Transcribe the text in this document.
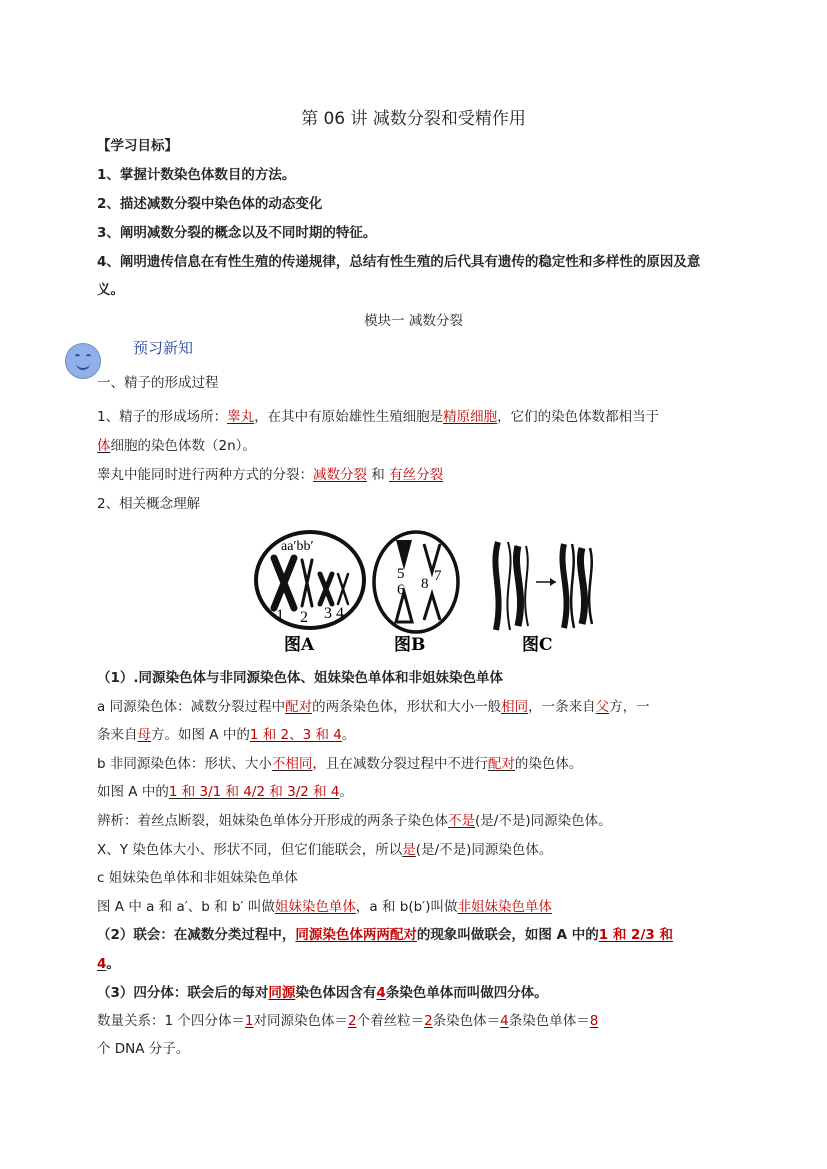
第 06 讲 减数分裂和受精作用
【学习目标】
1、掌握计数染色体数目的方法。
2、描述减数分裂中染色体的动态变化
3、阐明减数分裂的概念以及不同时期的特征。
4、阐明遗传信息在有性生殖的传递规律，总结有性生殖的后代具有遗传的稳定性和多样性的原因及意
义。
模块一 减数分裂
预习新知
一、精子的形成过程
1、精子的形成场所：睾丸，在其中有原始雄性生殖细胞是精原细胞，它们的染色体数都相当于
体细胞的染色体数（2n）。
睾丸中能同时进行两种方式的分裂：减数分裂 和 有丝分裂
2、相关概念理解
aa′bb′
1 2 3 4
图A
5
6
7
8
图B	图C
（1）.同源染色体与非同源染色体、姐妹染色单体和非姐妹染色单体
a 同源染色体：减数分裂过程中配对的两条染色体，形状和大小一般相同，一条来自父方，一
条来自母方。如图 A 中的1 和 2、3 和 4。
b 非同源染色体：形状、大小不相同，且在减数分裂过程中不进行配对的染色体。
如图 A 中的1 和 3/1 和 4/2 和 3/2 和 4。
辨析：着丝点断裂，姐妹染色单体分开形成的两条子染色体不是(是/不是)同源染色体。
X、Y 染色体大小、形状不同，但它们能联会，所以是(是/不是)同源染色体。
c 姐妹染色单体和非姐妹染色单体
图 A 中 a 和 a′、b 和 b′ 叫做姐妹染色单体，a 和 b(b′)叫做非姐妹染色单体
（2）联会：在减数分类过程中，同源染色体两两配对的现象叫做联会，如图 A 中的1 和 2/3 和
4。
（3）四分体：联会后的每对同源染色体因含有4条染色单体而叫做四分体。
数量关系：1 个四分体＝1对同源染色体＝2个着丝粒＝2条染色体＝4条染色单体＝8
个 DNA 分子。
